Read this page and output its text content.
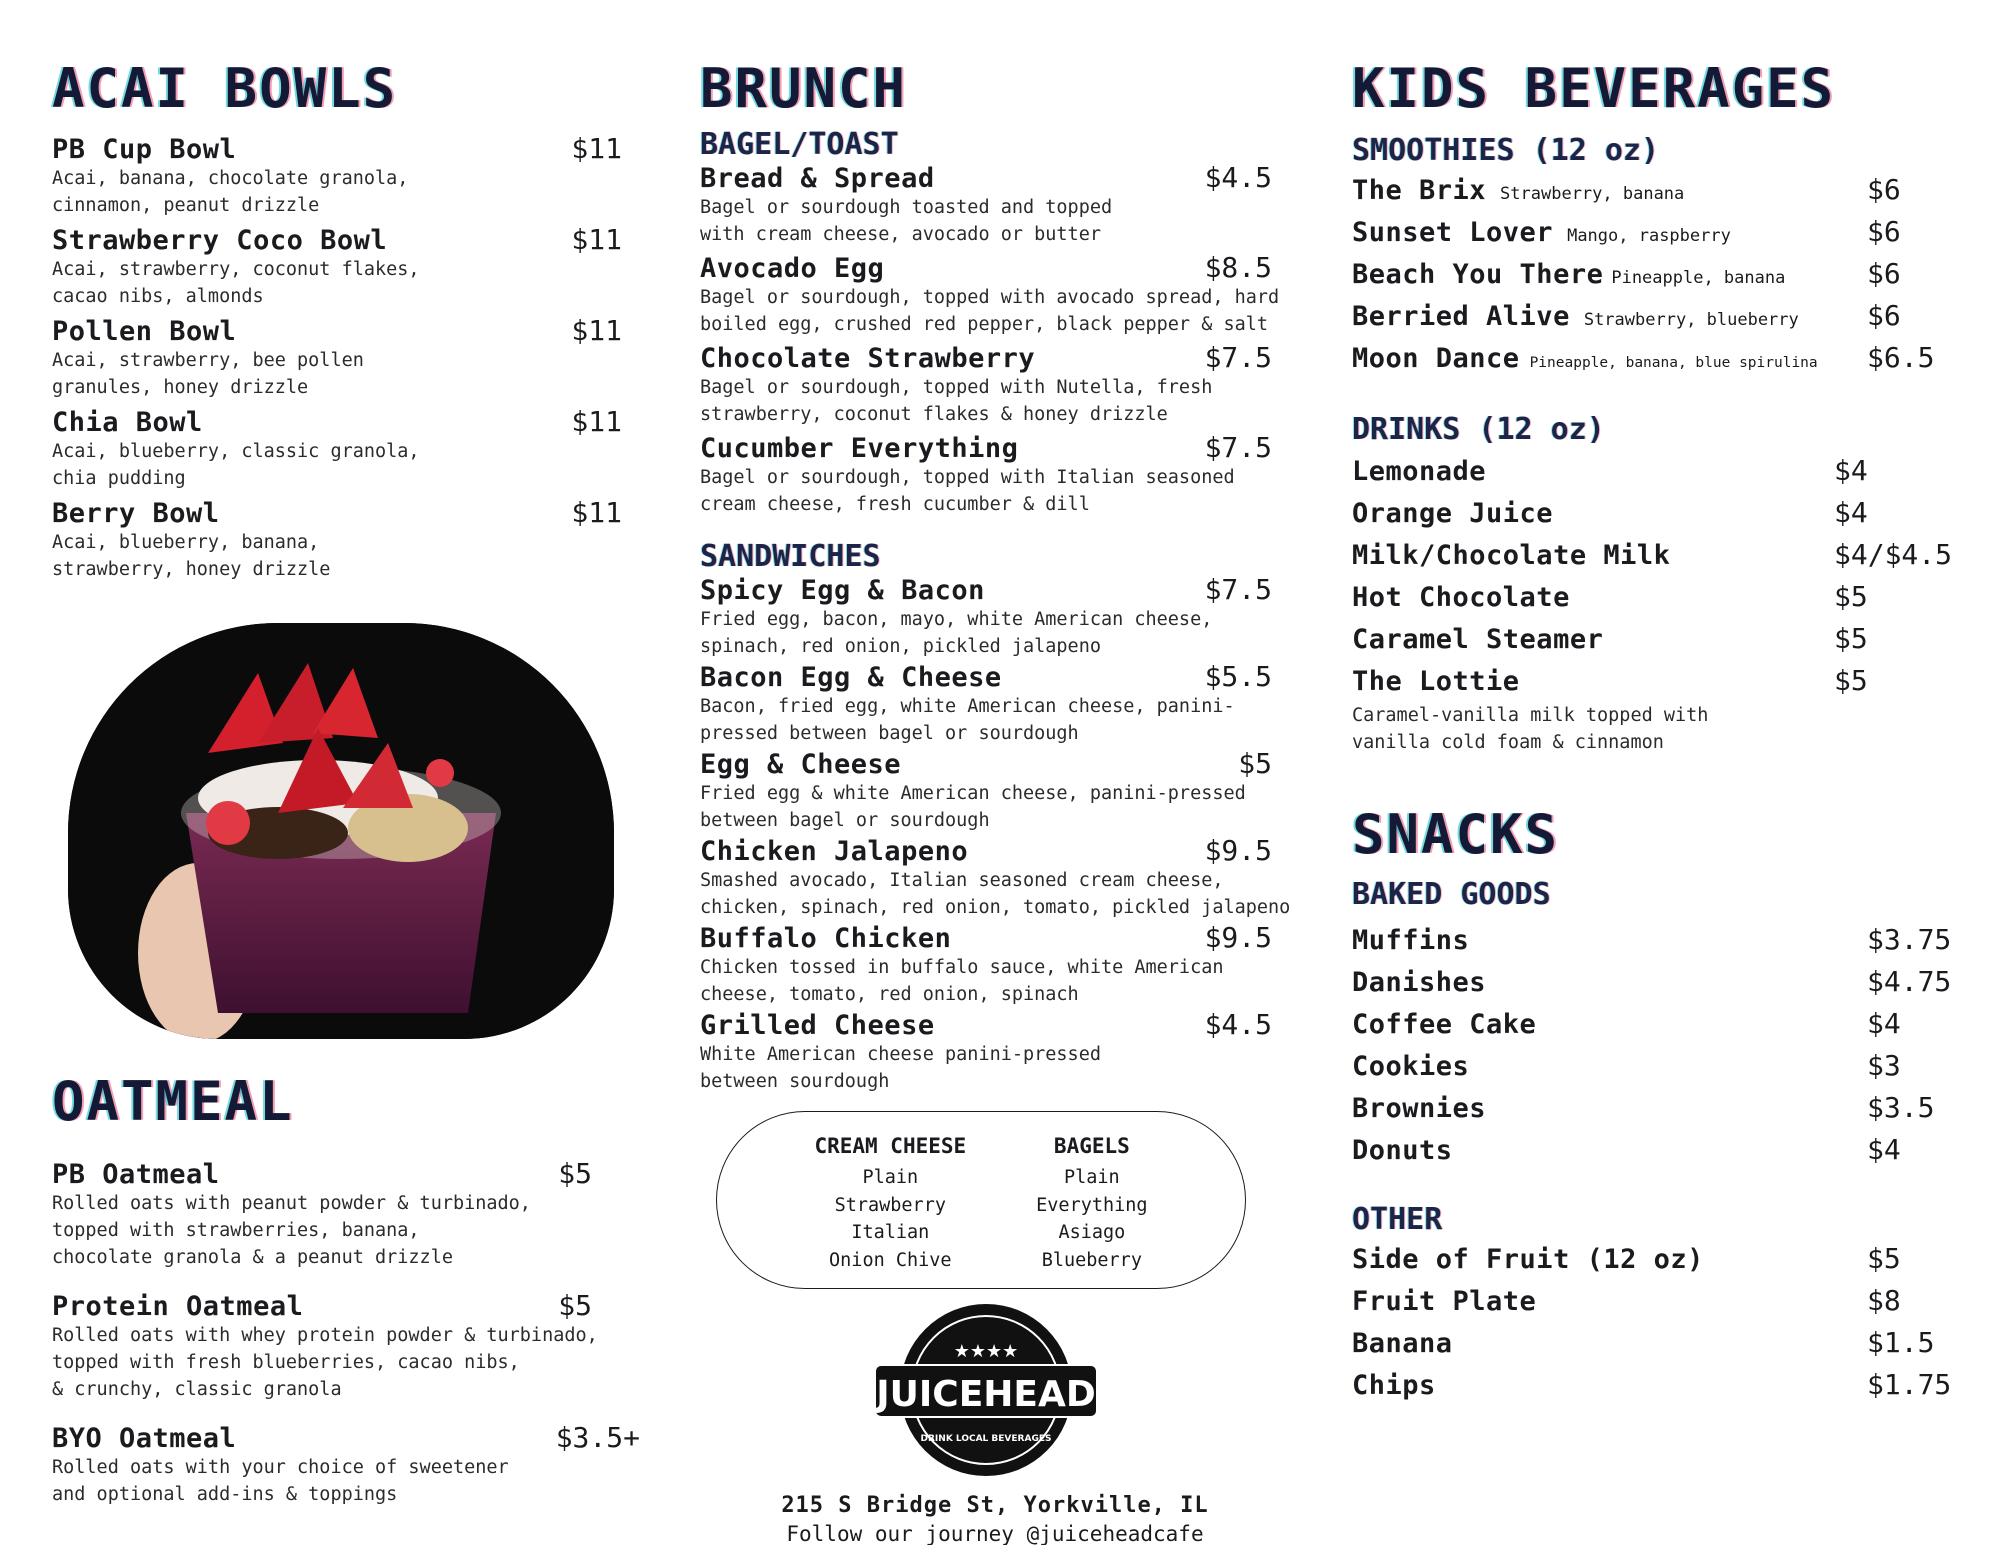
ACAI BOWLS
PB Cup Bowl	$11
Acai, banana, chocolate granola,
cinnamon, peanut drizzle
Strawberry Coco Bowl	$11
Acai, strawberry, coconut flakes,
cacao nibs, almonds
Pollen Bowl	$11
Acai, strawberry, bee pollen
granules, honey drizzle
Chia Bowl	$11
Acai, blueberry, classic granola,
chia pudding
Berry Bowl	$11
Acai, blueberry, banana,
strawberry, honey drizzle
OATMEAL
PB Oatmeal	$5
Rolled oats with peanut powder & turbinado,
topped with strawberries, banana,
chocolate granola & a peanut drizzle
Protein Oatmeal	$5
Rolled oats with whey protein powder & turbinado,
topped with fresh blueberries, cacao nibs,
& crunchy, classic granola
BYO Oatmeal	$3.5+
Rolled oats with your choice of sweetener
and optional add-ins & toppings
BRUNCH
BAGEL/TOAST
Bread & Spread	$4.5
Bagel or sourdough toasted and topped
with cream cheese, avocado or butter
Avocado Egg	$8.5
Bagel or sourdough, topped with avocado spread, hard
boiled egg, crushed red pepper, black pepper & salt
Chocolate Strawberry	$7.5
Bagel or sourdough, topped with Nutella, fresh
strawberry, coconut flakes & honey drizzle
Cucumber Everything	$7.5
Bagel or sourdough, topped with Italian seasoned
cream cheese, fresh cucumber & dill
SANDWICHES
Spicy Egg & Bacon	$7.5
Fried egg, bacon, mayo, white American cheese,
spinach, red onion, pickled jalapeno
Bacon Egg & Cheese	$5.5
Bacon, fried egg, white American cheese, panini-
pressed between bagel or sourdough
Egg & Cheese	$5
Fried egg & white American cheese, panini-pressed
between bagel or sourdough
Chicken Jalapeno	$9.5
Smashed avocado, Italian seasoned cream cheese,
chicken, spinach, red onion, tomato, pickled jalapeno
Buffalo Chicken	$9.5
Chicken tossed in buffalo sauce, white American
cheese, tomato, red onion, spinach
Grilled Cheese	$4.5
White American cheese panini-pressed
between sourdough
CREAM CHEESE
Plain
Strawberry
Italian
Onion Chive
BAGELS
Plain
Everything
Asiago
Blueberry
★★★★
JUICEHEAD
DRINK LOCAL BEVERAGES
215 S Bridge St, Yorkville, IL
Follow our journey @juiceheadcafe
KIDS BEVERAGES
SMOOTHIES (12 oz)
The Brix Strawberry, banana	$6
Sunset Lover Mango, raspberry	$6
Beach You There Pineapple, banana	$6
Berried Alive Strawberry, blueberry $6
Moon Dance Pineapple, banana, blue spirulina $6.5
DRINKS (12 oz)
Lemonade	$4
Orange Juice	$4
Milk/Chocolate Milk	$4/$4.5
Hot Chocolate	$5
Caramel Steamer	$5
The Lottie	$5
Caramel-vanilla milk topped with
vanilla cold foam & cinnamon
SNACKS
BAKED GOODS
Muffins	$3.75
Danishes	$4.75
Coffee Cake	$4
Cookies	$3
Brownies	$3.5
Donuts	$4
OTHER
Side of Fruit (12 oz)	$5
Fruit Plate	$8
Banana	$1.5
Chips	$1.75
